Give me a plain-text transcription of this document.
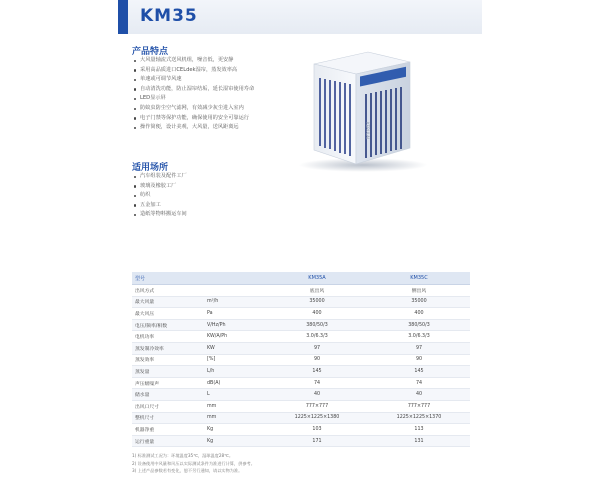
KM35
产品特点
大风量轴流式送风机组，噪音低，更安静
采用高品质进口CELdek湿帘，蒸发效率高
单速或可调节风速
自动清洗功能，防止湿帘结垢，延长湿帘使用寿命
LED显示屏
防蚊虫防尘空气滤网，有效减少灰尘进入室内
电子门禁等保护功能，确保使用的安全可靠运行
操作简便，设计美观，大风量，送风距离远
适用场所
汽车组装及配件工厂
玻璃及橡胶工厂
纺织
五金加工
造纸等物料搬运车间
KERULAI
型号		KM35A	KM35C
出风方式		底出风	侧出风
最大风量	m³/h	35000	35000
最大风压	Pa	400	400
电压/频率/相数	V/Hz/Ph	380/50/3	380/50/3
电机功率	KW/A/Ph	3.0/6.3/3	3.0/6.3/3
蒸发制冷效率	KW	97	97
蒸发效率	[%]	90	90
蒸发量	L/h	145	145
声压级噪声	dB(A)	74	74
储水量	L	40	40
出风口尺寸	mm	777×777	777×777
整机尺寸	mm	1225×1225×1380	1225×1225×1370
机器净重	Kg	103	113
运行重量	Kg	171	131
1) 标准测试工况为：环境温度35℃，湿球温度28℃。
2) 设备使用中风量和风压以实际测试条件为准进行计算，供参考。
3) 上述产品参数若有变化，恕不另行通知，请以实物为准。
